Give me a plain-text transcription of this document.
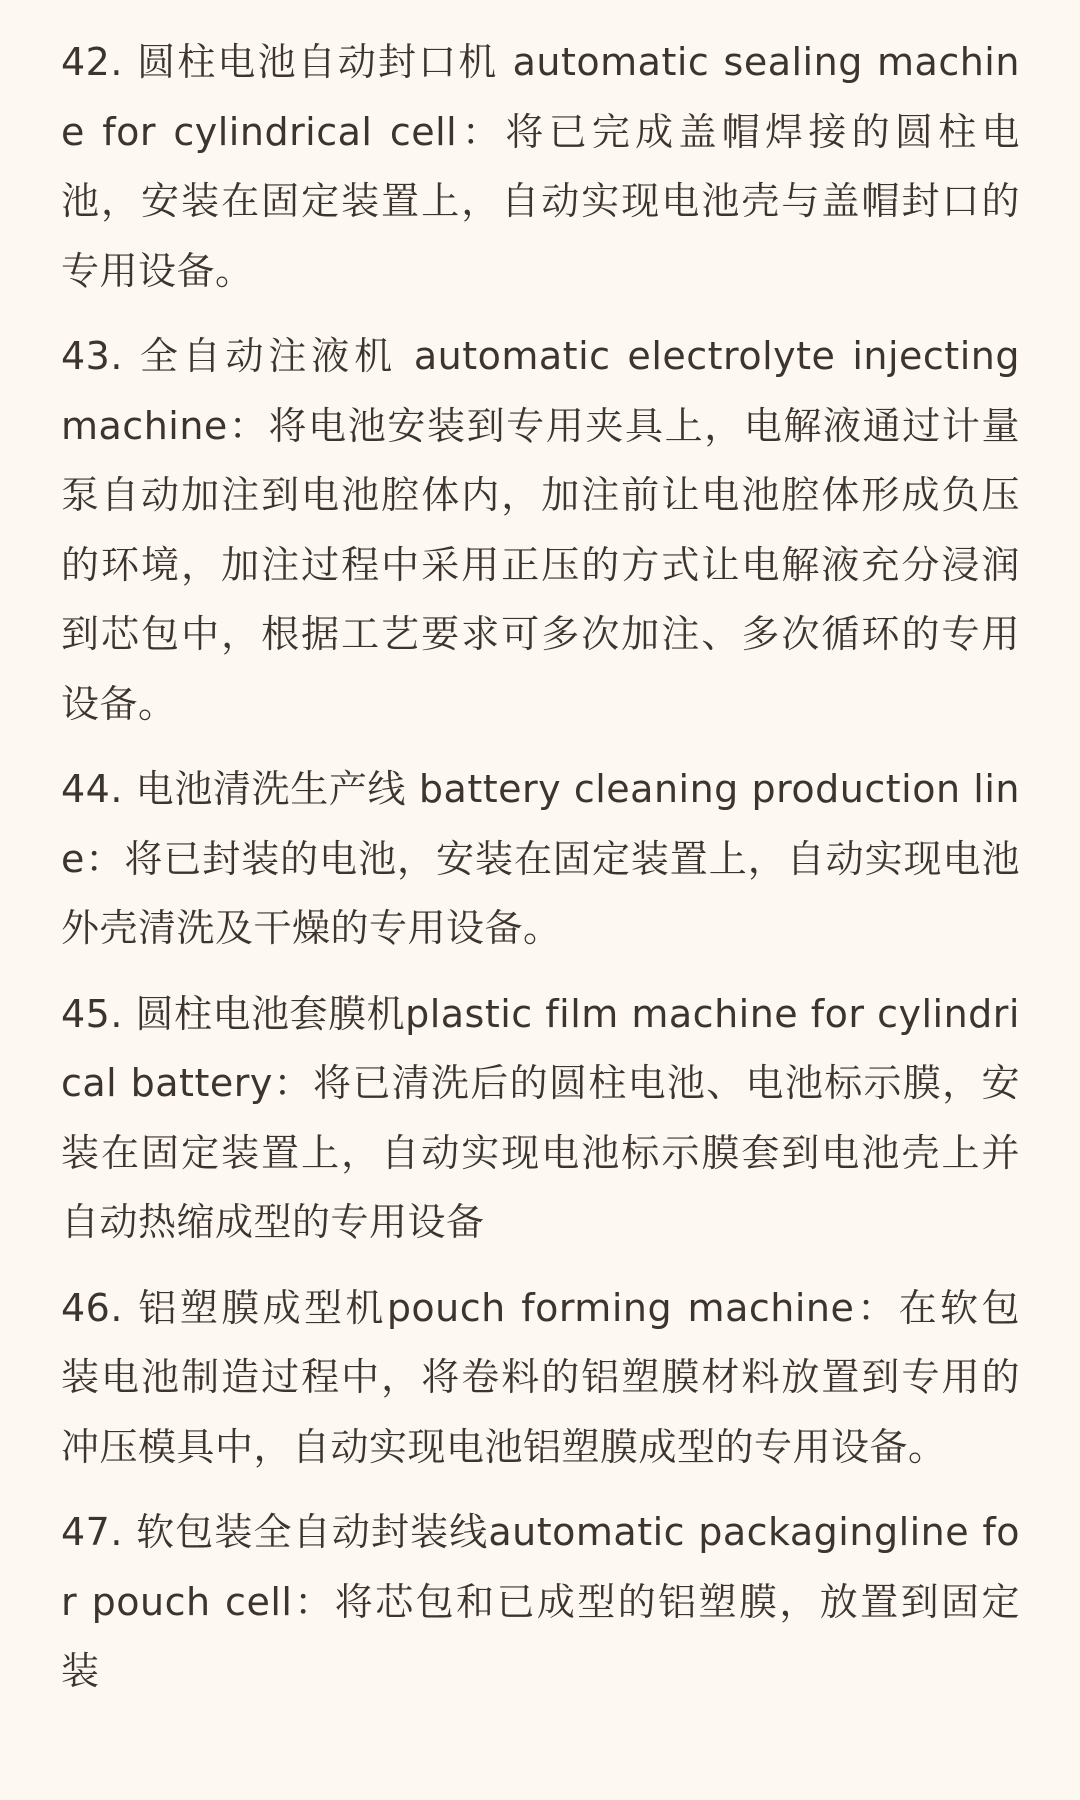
42. 圆柱电池自动封口机 automatic sealing machine for cylindrical cell：将已完成盖帽焊接的圆柱电池，安装在固定装置上，自动实现电池壳与盖帽封口的专用设备。

43. 全自动注液机 automatic electrolyte injecting machine：将电池安装到专用夹具上，电解液通过计量泵自动加注到电池腔体内，加注前让电池腔体形成负压的环境，加注过程中采用正压的方式让电解液充分浸润到芯包中，根据工艺要求可多次加注、多次循环的专用设备。

44. 电池清洗生产线 battery cleaning production line：将已封装的电池，安装在固定装置上，自动实现电池外壳清洗及干燥的专用设备。

45. 圆柱电池套膜机plastic film machine for cylindrical battery：将已清洗后的圆柱电池、电池标示膜，安装在固定装置上，自动实现电池标示膜套到电池壳上并自动热缩成型的专用设备

46. 铝塑膜成型机pouch forming machine：在软包装电池制造过程中，将卷料的铝塑膜材料放置到专用的冲压模具中，自动实现电池铝塑膜成型的专用设备。

47. 软包装全自动封装线automatic packagingline for pouch cell：将芯包和已成型的铝塑膜，放置到固定装
